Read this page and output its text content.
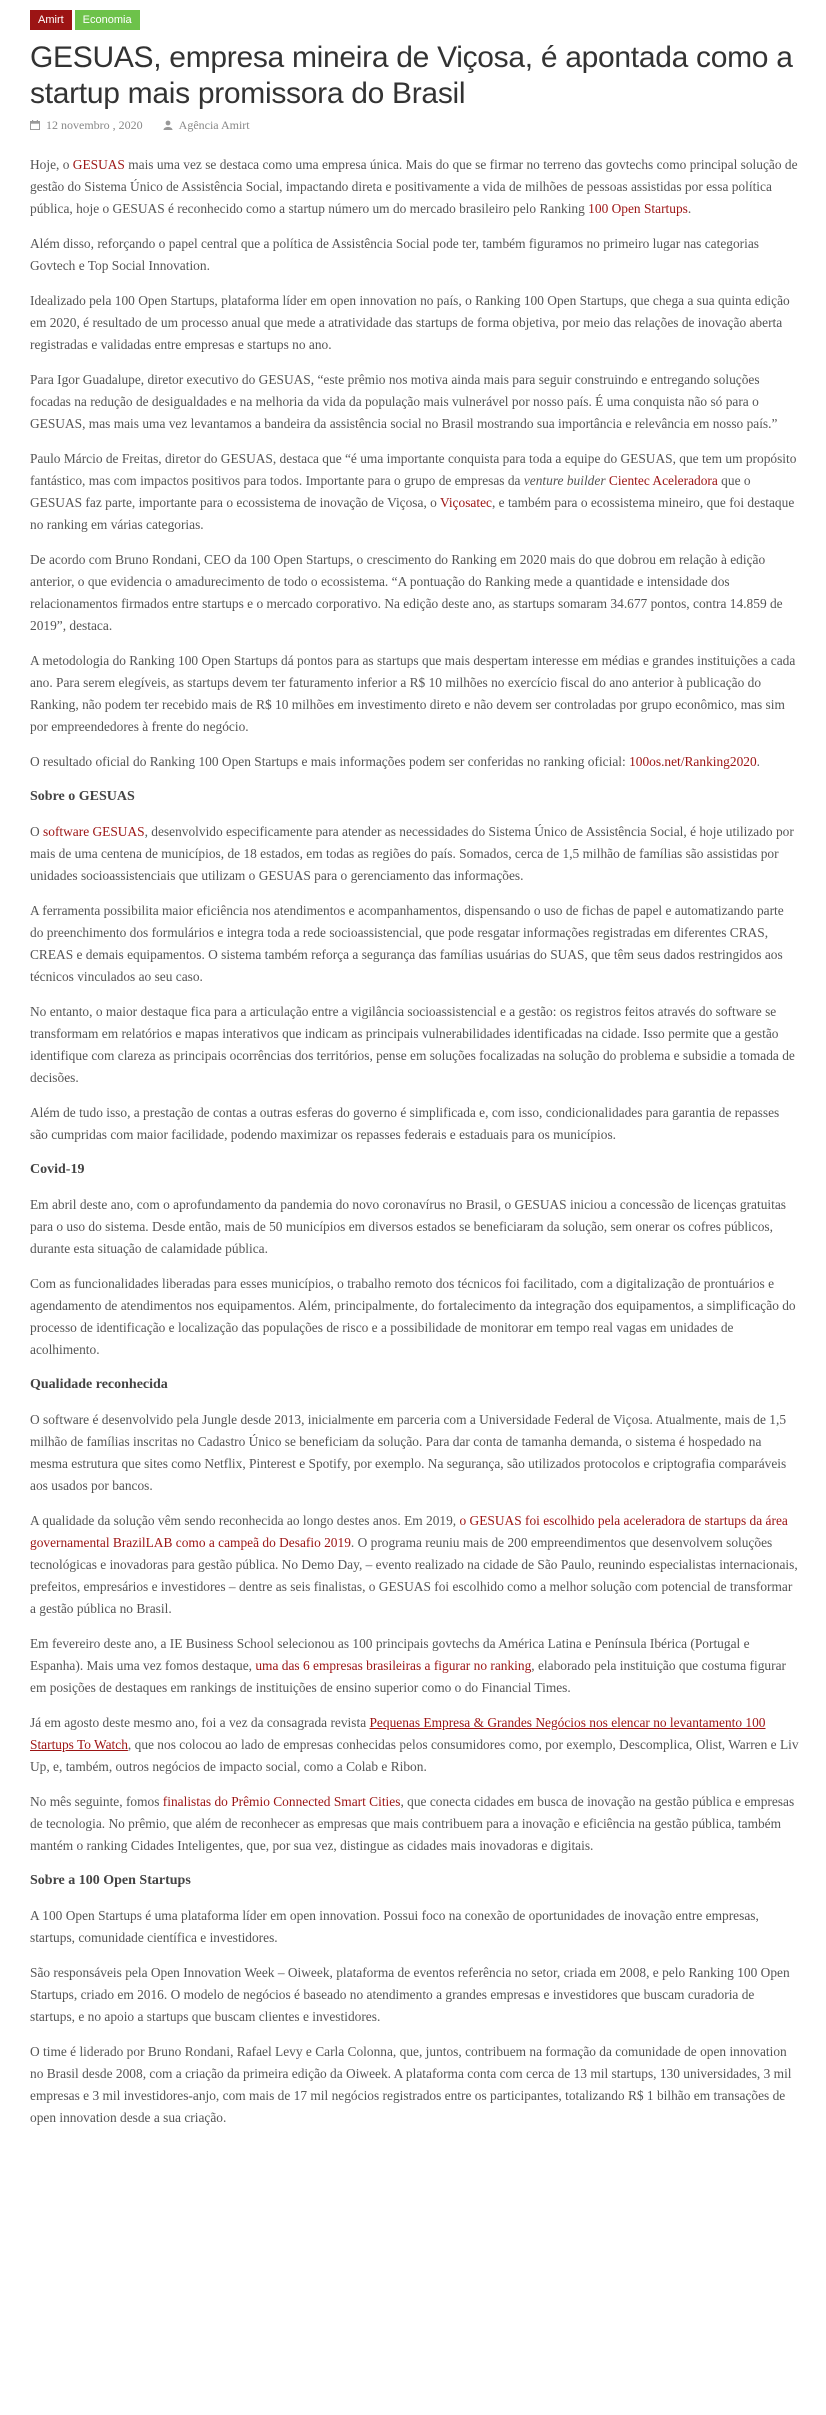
Amirt Economia
GESUAS, empresa mineira de Viçosa, é apontada como a startup mais promissora do Brasil
12 novembro , 2020	Agência Amirt

Hoje, o GESUAS mais uma vez se destaca como uma empresa única. Mais do que se firmar no terreno das govtechs como principal solução de gestão do Sistema Único de Assistência Social, impactando direta e positivamente a vida de milhões de pessoas assistidas por essa política pública, hoje o GESUAS é reconhecido como a startup número um do mercado brasileiro pelo Ranking 100 Open Startups.

Além disso, reforçando o papel central que a política de Assistência Social pode ter, também figuramos no primeiro lugar nas categorias Govtech e Top Social Innovation.

Idealizado pela 100 Open Startups, plataforma líder em open innovation no país, o Ranking 100 Open Startups, que chega a sua quinta edição em 2020, é resultado de um processo anual que mede a atratividade das startups de forma objetiva, por meio das relações de inovação aberta registradas e validadas entre empresas e startups no ano.

Para Igor Guadalupe, diretor executivo do GESUAS, “este prêmio nos motiva ainda mais para seguir construindo e entregando soluções focadas na redução de desigualdades e na melhoria da vida da população mais vulnerável por nosso país. É uma conquista não só para o GESUAS, mas mais uma vez levantamos a bandeira da assistência social no Brasil mostrando sua importância e relevância em nosso país.”

Paulo Márcio de Freitas, diretor do GESUAS, destaca que “é uma importante conquista para toda a equipe do GESUAS, que tem um propósito fantástico, mas com impactos positivos para todos. Importante para o grupo de empresas da venture builder Cientec Aceleradora que o GESUAS faz parte, importante para o ecossistema de inovação de Viçosa, o Viçosatec, e também para o ecossistema mineiro, que foi destaque no ranking em várias categorias.

De acordo com Bruno Rondani, CEO da 100 Open Startups, o crescimento do Ranking em 2020 mais do que dobrou em relação à edição anterior, o que evidencia o amadurecimento de todo o ecossistema. “A pontuação do Ranking mede a quantidade e intensidade dos relacionamentos firmados entre startups e o mercado corporativo. Na edição deste ano, as startups somaram 34.677 pontos, contra 14.859 de 2019”, destaca.

A metodologia do Ranking 100 Open Startups dá pontos para as startups que mais despertam interesse em médias e grandes instituições a cada ano. Para serem elegíveis, as startups devem ter faturamento inferior a R$ 10 milhões no exercício fiscal do ano anterior à publicação do Ranking, não podem ter recebido mais de R$ 10 milhões em investimento direto e não devem ser controladas por grupo econômico, mas sim por empreendedores à frente do negócio.

O resultado oficial do Ranking 100 Open Startups e mais informações podem ser conferidas no ranking oficial: 100os.net/Ranking2020.

Sobre o GESUAS

O software GESUAS, desenvolvido especificamente para atender as necessidades do Sistema Único de Assistência Social, é hoje utilizado por mais de uma centena de municípios, de 18 estados, em todas as regiões do país. Somados, cerca de 1,5 milhão de famílias são assistidas por unidades socioassistenciais que utilizam o GESUAS para o gerenciamento das informações.

A ferramenta possibilita maior eficiência nos atendimentos e acompanhamentos, dispensando o uso de fichas de papel e automatizando parte do preenchimento dos formulários e integra toda a rede socioassistencial, que pode resgatar informações registradas em diferentes CRAS, CREAS e demais equipamentos. O sistema também reforça a segurança das famílias usuárias do SUAS, que têm seus dados restringidos aos técnicos vinculados ao seu caso.

No entanto, o maior destaque fica para a articulação entre a vigilância socioassistencial e a gestão: os registros feitos através do software se transformam em relatórios e mapas interativos que indicam as principais vulnerabilidades identificadas na cidade. Isso permite que a gestão identifique com clareza as principais ocorrências dos territórios, pense em soluções focalizadas na solução do problema e subsidie a tomada de decisões.

Além de tudo isso, a prestação de contas a outras esferas do governo é simplificada e, com isso, condicionalidades para garantia de repasses são cumpridas com maior facilidade, podendo maximizar os repasses federais e estaduais para os municípios.

Covid-19

Em abril deste ano, com o aprofundamento da pandemia do novo coronavírus no Brasil, o GESUAS iniciou a concessão de licenças gratuitas para o uso do sistema. Desde então, mais de 50 municípios em diversos estados se beneficiaram da solução, sem onerar os cofres públicos, durante esta situação de calamidade pública.

Com as funcionalidades liberadas para esses municípios, o trabalho remoto dos técnicos foi facilitado, com a digitalização de prontuários e agendamento de atendimentos nos equipamentos. Além, principalmente, do fortalecimento da integração dos equipamentos, a simplificação do processo de identificação e localização das populações de risco e a possibilidade de monitorar em tempo real vagas em unidades de acolhimento.

Qualidade reconhecida

O software é desenvolvido pela Jungle desde 2013, inicialmente em parceria com a Universidade Federal de Viçosa. Atualmente, mais de 1,5 milhão de famílias inscritas no Cadastro Único se beneficiam da solução. Para dar conta de tamanha demanda, o sistema é hospedado na mesma estrutura que sites como Netflix, Pinterest e Spotify, por exemplo. Na segurança, são utilizados protocolos e criptografia comparáveis aos usados por bancos.

A qualidade da solução vêm sendo reconhecida ao longo destes anos. Em 2019, o GESUAS foi escolhido pela aceleradora de startups da área governamental BrazilLAB como a campeã do Desafio 2019. O programa reuniu mais de 200 empreendimentos que desenvolvem soluções tecnológicas e inovadoras para gestão pública. No Demo Day, – evento realizado na cidade de São Paulo, reunindo especialistas internacionais, prefeitos, empresários e investidores – dentre as seis finalistas, o GESUAS foi escolhido como a melhor solução com potencial de transformar a gestão pública no Brasil.

Em fevereiro deste ano, a IE Business School selecionou as 100 principais govtechs da América Latina e Península Ibérica (Portugal e Espanha). Mais uma vez fomos destaque, uma das 6 empresas brasileiras a figurar no ranking, elaborado pela instituição que costuma figurar em posições de destaques em rankings de instituições de ensino superior como o do Financial Times.

Já em agosto deste mesmo ano, foi a vez da consagrada revista Pequenas Empresa & Grandes Negócios nos elencar no levantamento 100 Startups To Watch, que nos colocou ao lado de empresas conhecidas pelos consumidores como, por exemplo, Descomplica, Olist, Warren e Liv Up, e, também, outros negócios de impacto social, como a Colab e Ribon.

No mês seguinte, fomos finalistas do Prêmio Connected Smart Cities, que conecta cidades em busca de inovação na gestão pública e empresas de tecnologia. No prêmio, que além de reconhecer as empresas que mais contribuem para a inovação e eficiência na gestão pública, também mantém o ranking Cidades Inteligentes, que, por sua vez, distingue as cidades mais inovadoras e digitais.

Sobre a 100 Open Startups

A 100 Open Startups é uma plataforma líder em open innovation. Possui foco na conexão de oportunidades de inovação entre empresas, startups, comunidade científica e investidores.

São responsáveis pela Open Innovation Week – Oiweek, plataforma de eventos referência no setor, criada em 2008, e pelo Ranking 100 Open Startups, criado em 2016. O modelo de negócios é baseado no atendimento a grandes empresas e investidores que buscam curadoria de startups, e no apoio a startups que buscam clientes e investidores.

O time é liderado por Bruno Rondani, Rafael Levy e Carla Colonna, que, juntos, contribuem na formação da comunidade de open innovation no Brasil desde 2008, com a criação da primeira edição da Oiweek. A plataforma conta com cerca de 13 mil startups, 130 universidades, 3 mil empresas e 3 mil investidores-anjo, com mais de 17 mil negócios registrados entre os participantes, totalizando R$ 1 bilhão em transações de open innovation desde a sua criação.
